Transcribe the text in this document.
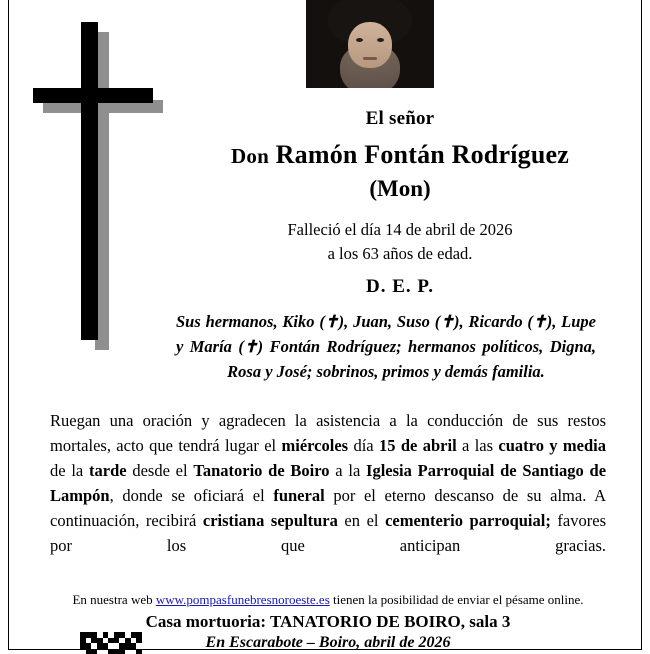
El señor
Don Ramón Fontán Rodríguez
(Mon)
Falleció el día 14 de abril de 2026
a los 63 años de edad.
D. E. P.
Sus hermanos, Kiko (✝), Juan, Suso (✝), Ricardo (✝), Lupe y María (✝) Fontán Rodríguez; hermanos políticos, Digna, Rosa y José; sobrinos, primos y demás familia.
Ruegan una oración y agradecen la asistencia a la conducción de sus restos mortales, acto que tendrá lugar el miércoles día 15 de abril a las cuatro y media de la tarde desde el Tanatorio de Boiro a la Iglesia Parroquial de Santiago de Lampón, donde se oficiará el funeral por el eterno descanso de su alma. A continuación, recibirá cristiana sepultura en el cementerio parroquial; favores por los que anticipan gracias.
En nuestra web www.pompasfunebresnoroeste.es tienen la posibilidad de enviar el pésame online.
Casa mortuoria: TANATORIO DE BOIRO, sala 3
En Escarabote – Boiro, abril de 2026
